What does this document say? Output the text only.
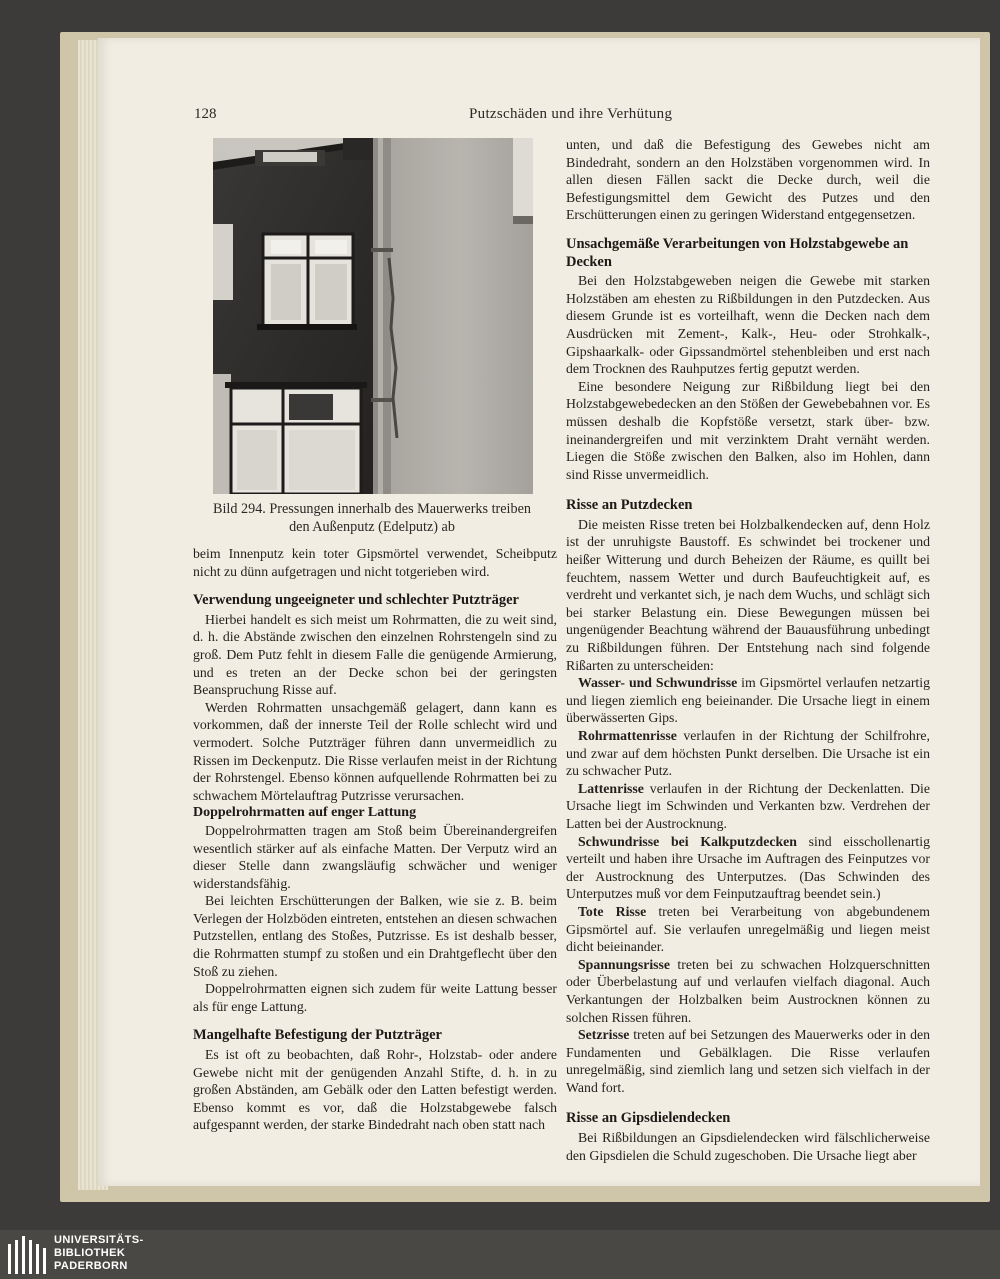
128	Putzschäden und ihre Verhütung
Bild 294. Pressungen innerhalb des Mauerwerks treiben
den Außenputz (Edelputz) ab

beim Innenputz kein toter Gipsmörtel verwendet, Scheibputz nicht zu dünn aufgetragen und nicht totgerieben wird.

Verwendung ungeeigneter und schlechter Putzträger

Hierbei handelt es sich meist um Rohrmatten, die zu weit sind, d. h. die Abstände zwischen den einzelnen Rohrstengeln sind zu groß. Dem Putz fehlt in diesem Falle die genügende Armierung, und es treten an der Decke schon bei der geringsten Beanspruchung Risse auf.

Werden Rohrmatten unsachgemäß gelagert, dann kann es vorkommen, daß der innerste Teil der Rolle schlecht wird und vermodert. Solche Putzträger führen dann unvermeidlich zu Rissen im Deckenputz. Die Risse verlaufen meist in der Richtung der Rohrstengel. Ebenso können aufquellende Rohrmatten bei zu schwachem Mörtelauftrag Putzrisse verursachen.

Doppelrohrmatten auf enger Lattung

Doppelrohrmatten tragen am Stoß beim Übereinandergreifen wesentlich stärker auf als einfache Matten. Der Verputz wird an dieser Stelle dann zwangsläufig schwächer und weniger widerstandsfähig.

Bei leichten Erschütterungen der Balken, wie sie z. B. beim Verlegen der Holzböden eintreten, entstehen an diesen schwachen Putzstellen, entlang des Stoßes, Putzrisse. Es ist deshalb besser, die Rohrmatten stumpf zu stoßen und ein Drahtgeflecht über den Stoß zu ziehen.

Doppelrohrmatten eignen sich zudem für weite Lattung besser als für enge Lattung.

Mangelhafte Befestigung der Putzträger

Es ist oft zu beobachten, daß Rohr-, Holzstab- oder andere Gewebe nicht mit der genügenden Anzahl Stifte, d. h. in zu großen Abständen, am Gebälk oder den Latten befestigt werden. Ebenso kommt es vor, daß die Holzstabgewebe falsch aufgespannt werden, der starke Bindedraht nach oben statt nach

unten, und daß die Befestigung des Gewebes nicht am Bindedraht, sondern an den Holzstäben vorgenommen wird. In allen diesen Fällen sackt die Decke durch, weil die Befestigungsmittel dem Gewicht des Putzes und den Erschütterungen einen zu geringen Widerstand entgegensetzen.

Unsachgemäße Verarbeitungen von Holzstabgewebe an Decken

Bei den Holzstabgeweben neigen die Gewebe mit starken Holzstäben am ehesten zu Rißbildungen in den Putzdecken. Aus diesem Grunde ist es vorteilhaft, wenn die Decken nach dem Ausdrücken mit Zement-, Kalk-, Heu- oder Strohkalk-, Gipshaarkalk- oder Gipssandmörtel stehenbleiben und erst nach dem Trocknen des Rauhputzes fertig geputzt werden.

Eine besondere Neigung zur Rißbildung liegt bei den Holzstabgewebedecken an den Stößen der Gewebebahnen vor. Es müssen deshalb die Kopfstöße versetzt, stark über- bzw. ineinandergreifen und mit verzinktem Draht vernäht werden. Liegen die Stöße zwischen den Balken, also im Hohlen, dann sind Risse unvermeidlich.

Risse an Putzdecken

Die meisten Risse treten bei Holzbalkendecken auf, denn Holz ist der unruhigste Baustoff. Es schwindet bei trockener und heißer Witterung und durch Beheizen der Räume, es quillt bei feuchtem, nassem Wetter und durch Baufeuchtigkeit auf, es verdreht und verkantet sich, je nach dem Wuchs, und schlägt sich bei starker Belastung ein. Diese Bewegungen müssen bei ungenügender Beachtung während der Bauausführung unbedingt zu Rißbildungen führen. Der Entstehung nach sind folgende Rißarten zu unterscheiden:

Wasser- und Schwundrisse im Gipsmörtel verlaufen netzartig und liegen ziemlich eng beieinander. Die Ursache liegt in einem überwässerten Gips.

Rohrmattenrisse verlaufen in der Richtung der Schilfrohre, und zwar auf dem höchsten Punkt derselben. Die Ursache ist ein zu schwacher Putz.

Lattenrisse verlaufen in der Richtung der Deckenlatten. Die Ursache liegt im Schwinden und Verkanten bzw. Verdrehen der Latten bei der Austrocknung.

Schwundrisse bei Kalkputzdecken sind eisschollenartig verteilt und haben ihre Ursache im Auftragen des Feinputzes vor der Austrocknung des Unterputzes. (Das Schwinden des Unterputzes muß vor dem Feinputzauftrag beendet sein.)

Tote Risse treten bei Verarbeitung von abgebundenem Gipsmörtel auf. Sie verlaufen unregelmäßig und liegen meist dicht beieinander.

Spannungsrisse treten bei zu schwachen Holzquerschnitten oder Überbelastung auf und verlaufen vielfach diagonal. Auch Verkantungen der Holzbalken beim Austrocknen können zu solchen Rissen führen.

Setzrisse treten auf bei Setzungen des Mauerwerks oder in den Fundamenten und Gebälklagen. Die Risse verlaufen unregelmäßig, sind ziemlich lang und setzen sich vielfach in der Wand fort.

Risse an Gipsdielendecken

Bei Rißbildungen an Gipsdielendecken wird fälschlicherweise den Gipsdielen die Schuld zugeschoben. Die Ursache liegt aber

UNIVERSITÄTS-
BIBLIOTHEK
PADERBORN
